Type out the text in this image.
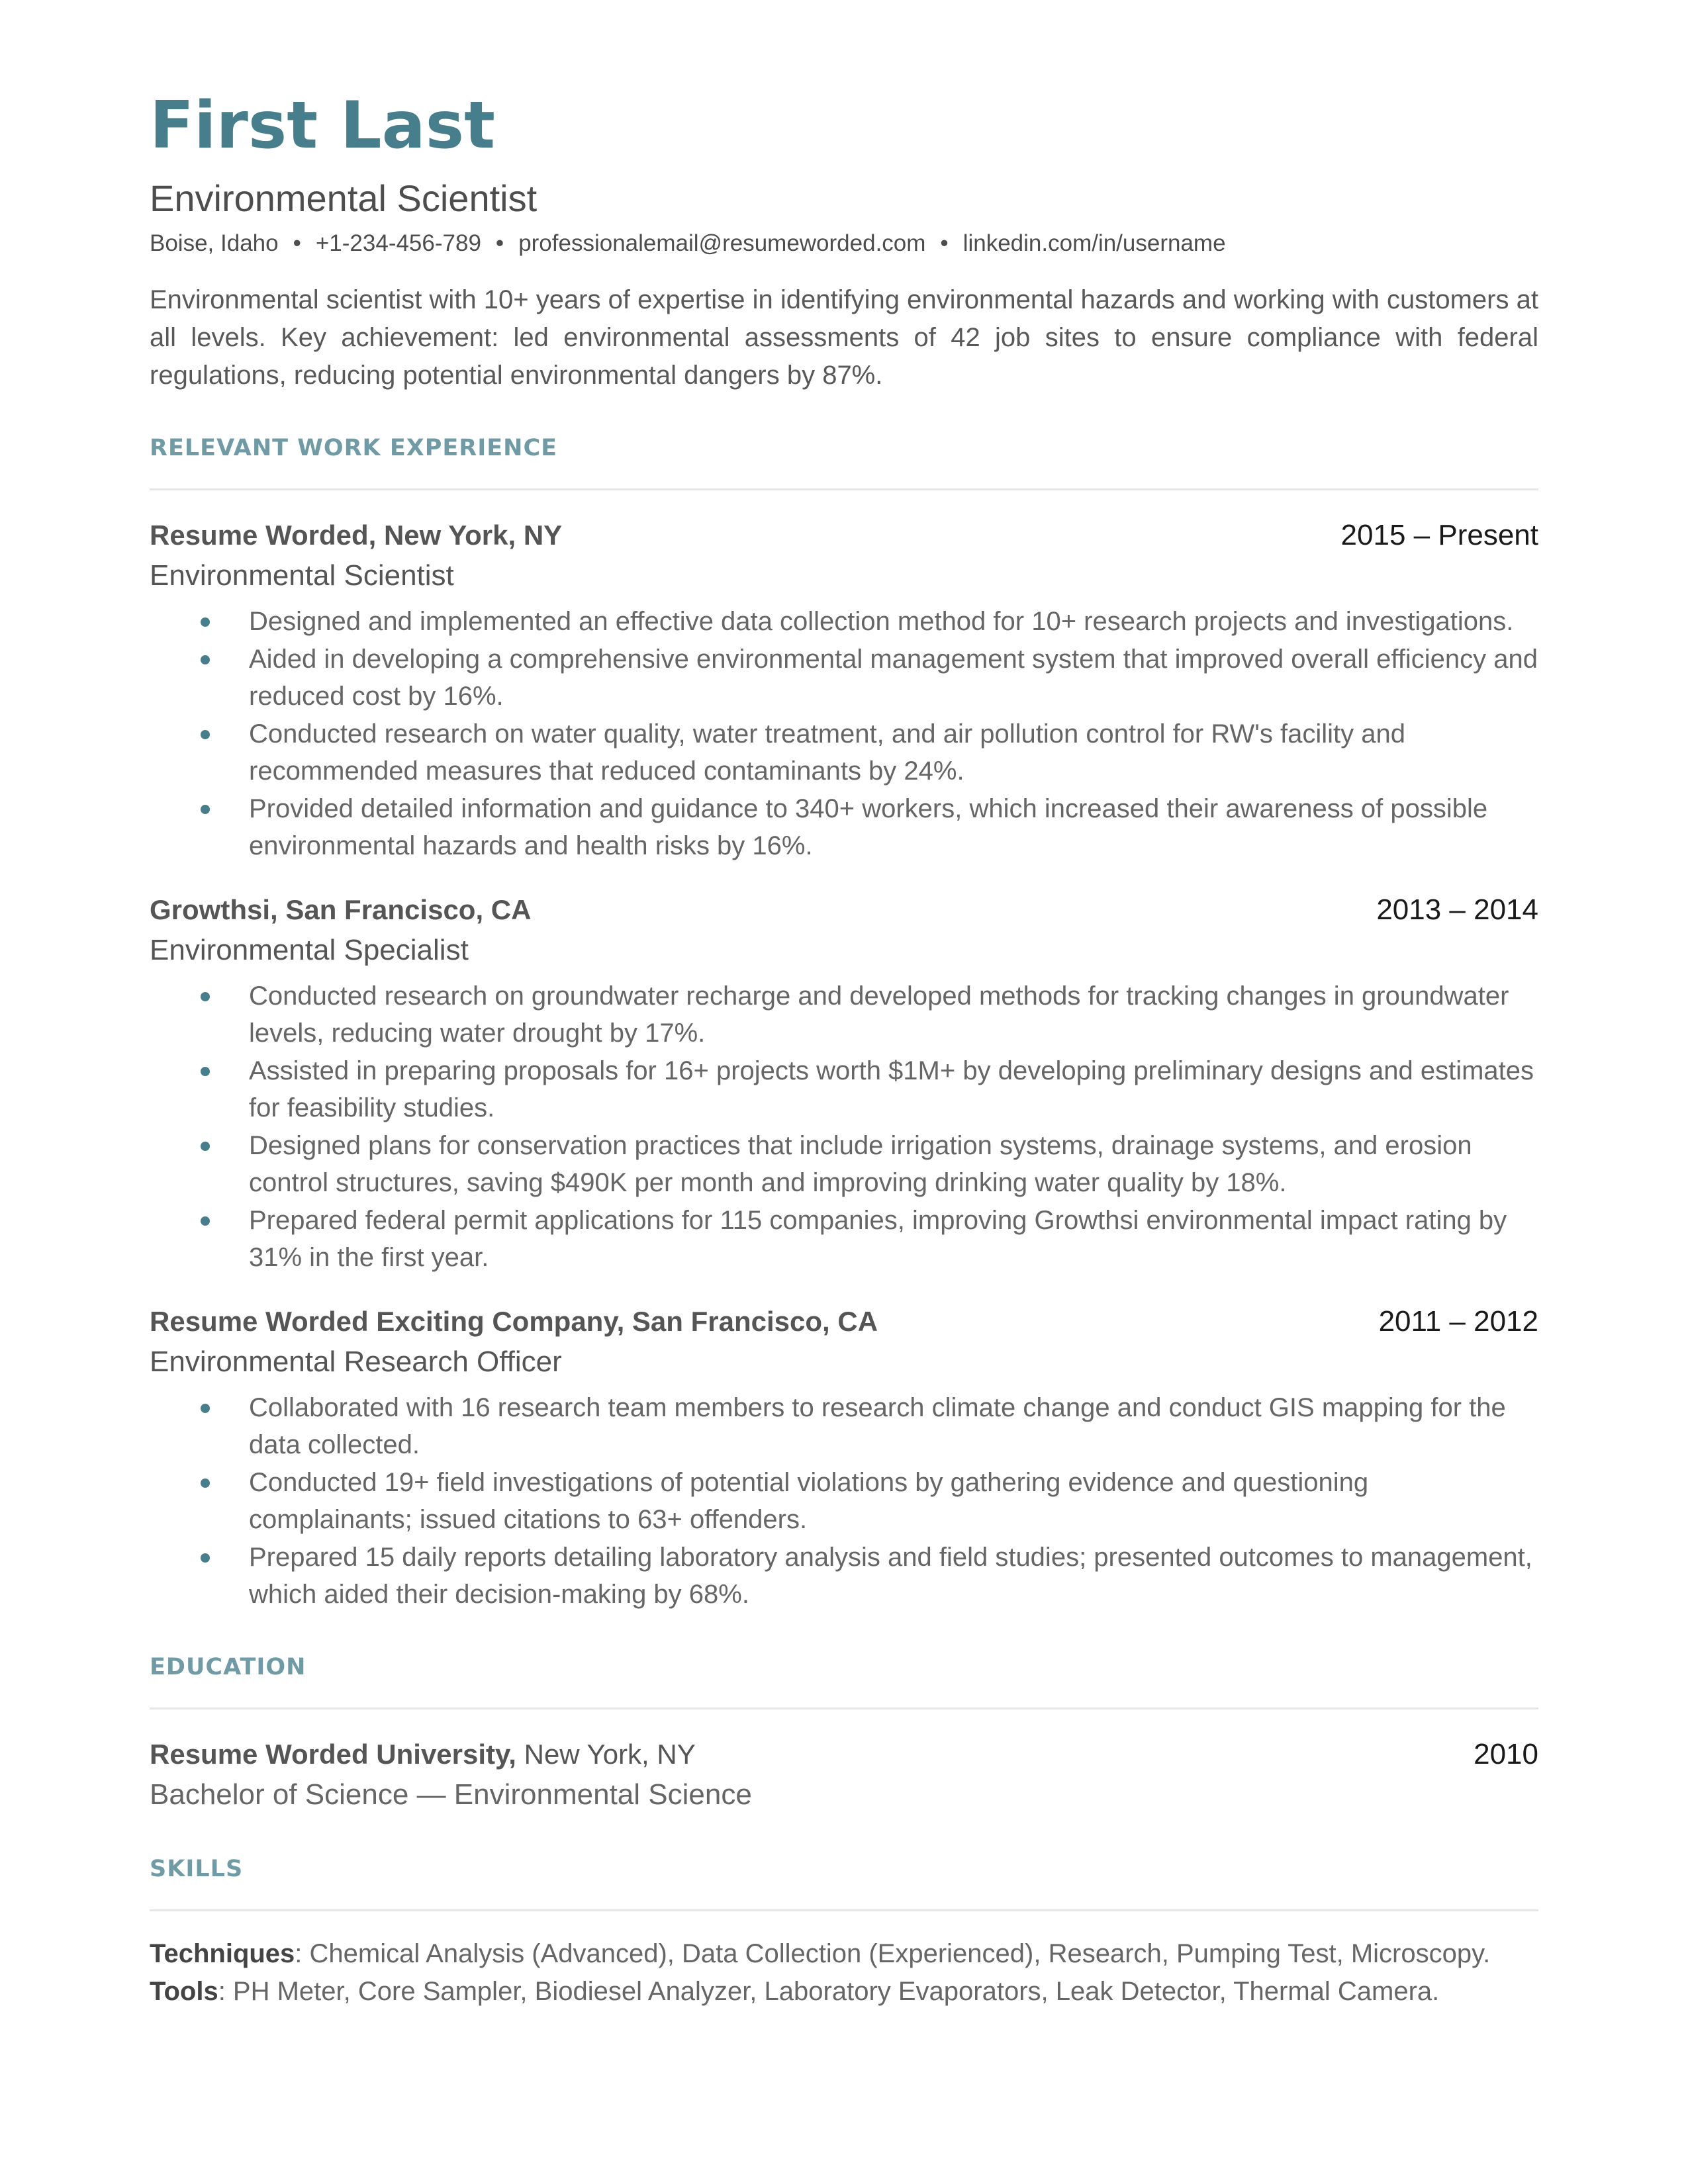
First Last
Environmental Scientist
Boise, Idaho • +1-234-456-789 • professionalemail@resumeworded.com • linkedin.com/in/username
Environmental scientist with 10+ years of expertise in identifying environmental hazards and working with customers at all levels. Key achievement: led environmental assessments of 42 job sites to ensure compliance with federal regulations, reducing potential environmental dangers by 87%.
RELEVANT WORK EXPERIENCE
Resume Worded, New York, NY	2015 – Present
Environmental Scientist
Designed and implemented an effective data collection method for 10+ research projects and investigations.
Aided in developing a comprehensive environmental management system that improved overall efficiency and reduced cost by 16%.
Conducted research on water quality, water treatment, and air pollution control for RW's facility and recommended measures that reduced contaminants by 24%.
Provided detailed information and guidance to 340+ workers, which increased their awareness of possible environmental hazards and health risks by 16%.
Growthsi, San Francisco, CA	2013 – 2014
Environmental Specialist
Conducted research on groundwater recharge and developed methods for tracking changes in groundwater levels, reducing water drought by 17%.
Assisted in preparing proposals for 16+ projects worth $1M+ by developing preliminary designs and estimates for feasibility studies.
Designed plans for conservation practices that include irrigation systems, drainage systems, and erosion control structures, saving $490K per month and improving drinking water quality by 18%.
Prepared federal permit applications for 115 companies, improving Growthsi environmental impact rating by 31% in the first year.
Resume Worded Exciting Company, San Francisco, CA	2011 – 2012
Environmental Research Officer
Collaborated with 16 research team members to research climate change and conduct GIS mapping for the data collected.
Conducted 19+ field investigations of potential violations by gathering evidence and questioning complainants; issued citations to 63+ offenders.
Prepared 15 daily reports detailing laboratory analysis and field studies; presented outcomes to management, which aided their decision-making by 68%.
EDUCATION
Resume Worded University, New York, NY	2010
Bachelor of Science — Environmental Science
SKILLS
Techniques: Chemical Analysis (Advanced), Data Collection (Experienced), Research, Pumping Test, Microscopy.
Tools: PH Meter, Core Sampler, Biodiesel Analyzer, Laboratory Evaporators, Leak Detector, Thermal Camera.
